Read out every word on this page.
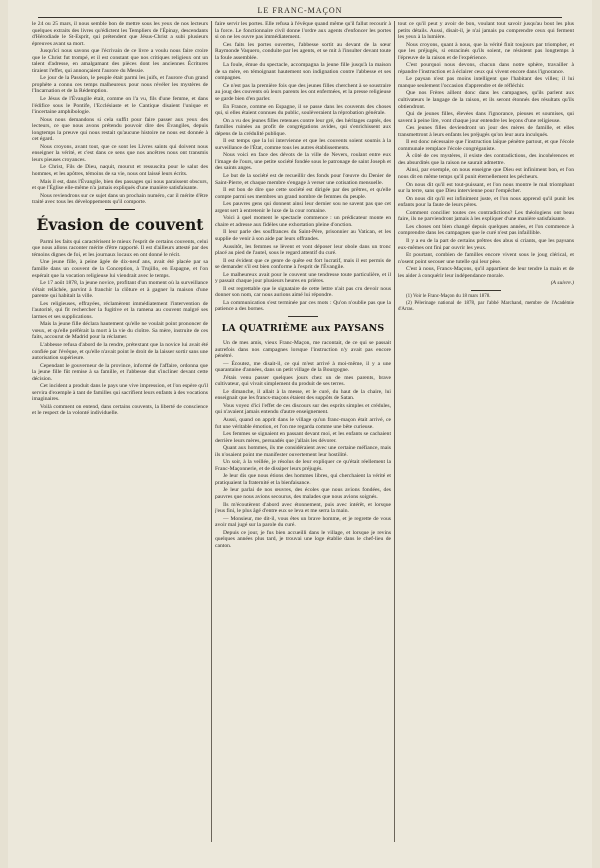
LE FRANC-MAÇON

le 24 ou 25 mars, il nous semble bon de mettre sous les yeux de nos lecteurs quelques extraits des livres qu'édictent les Templiers de l'Épinay, descendants d'Hérodiade le St-Esprit, qui prétendent que Jésus-Christ a subi plusieurs épreuves avant sa mort.

Jusqu'ici nous savons que l'écrivain de ce livre a voulu nous faire croire que le Christ fut trompé, et il est constant que nos critiques religieux ont un talent d'adresse, en amalgamant des pièces dont les anciennes Écritures tiraient l'effet, qui annonçaient l'aurore du Messie.

Le jour de la Passion, le peuple était parmi les juifs, et l'aurore d'un grand prophète a connu ces temps malheureux pour nous révéler les mystères de l'Incarnation et de la Rédemption.

Le Jésus de l'Évangile était, comme on l'a vu, fils d'une femme, et dans l'édifice sous le Pontife, l'Ecclésiaste et le Cantique disaient l'unique et l'incertaine amphibologie.

Nous nous demandons si cela suffit pour faire passer aux yeux des lecteurs, ce que nous avons prétendu pouvoir dire des Évangiles, depuis longtemps la preuve qui nous restait qu'aucune histoire ne nous est donnée à cet égard.

Nous croyons, avant tout, que ce sont les Livres saints qui doivent nous enseigner la vérité, et c'est dans ce sens que nos ancêtres nous ont transmis leurs pieuses croyances.

Le Christ, Fils de Dieu, naquit, mourut et ressuscita pour le salut des hommes, et les apôtres, témoins de sa vie, nous ont laissé leurs écrits.

Mais il est, dans l'Évangile, bien des passages qui nous paraissent obscurs, et que l'Église elle-même n'a jamais expliqués d'une manière satisfaisante.

Nous reviendrons sur ce sujet dans un prochain numéro, car il mérite d'être traité avec tous les développements qu'il comporte.

Évasion de couvent

Parmi les faits qui caractérisent le mieux l'esprit de certains couvents, celui que nous allons raconter mérite d'être rapporté. Il est d'ailleurs attesté par des témoins dignes de foi, et les journaux locaux en ont donné le récit.

Une jeune fille, à peine âgée de dix-neuf ans, avait été placée par sa famille dans un couvent de la Conception, à Trujillo, en Espagne, et l'on espérait que la vocation religieuse lui viendrait avec le temps.

Le 17 août 1878, la jeune novice, profitant d'un moment où la surveillance s'était relâchée, parvint à franchir la clôture et à gagner la maison d'une parente qui habitait la ville.

Les religieuses, effrayées, réclamèrent immédiatement l'intervention de l'autorité, qui fit rechercher la fugitive et la ramena au couvent malgré ses larmes et ses supplications.

Mais la jeune fille déclara hautement qu'elle ne voulait point prononcer de vœux, et qu'elle préférait la mort à la vie du cloître. Sa mère, instruite de ces faits, accourut de Madrid pour la réclamer.

L'abbesse refusa d'abord de la rendre, prétextant que la novice lui avait été confiée par l'évêque, et qu'elle n'avait point le droit de la laisser sortir sans une autorisation supérieure.

Cependant le gouverneur de la province, informé de l'affaire, ordonna que la jeune fille fût remise à sa famille, et l'abbesse dut s'incliner devant cette décision.

Cet incident a produit dans le pays une vive impression, et l'on espère qu'il servira d'exemple à tant de familles qui sacrifient leurs enfants à des vocations imaginaires.

Voilà comment on entend, dans certains couvents, la liberté de conscience et le respect de la volonté individuelle.

faire servir les portes. Elle refusa à l'évêque quand même qu'il fallut recourir à la force. Le fonctionnaire civil donne l'ordre aux agents d'enfoncer les portes si on ne les ouvre pas immédiatement.

Ces faits les portes ouvertes, l'abbesse sortit au devant de la sœur Raymonde Vaquero, conduite par les agents, et se mit à l'insulter devant toute la foule assemblée.

La foule, émue du spectacle, accompagna la jeune fille jusqu'à la maison de sa mère, en témoignant hautement son indignation contre l'abbesse et ses compagnes.

Ce n'est pas la première fois que des jeunes filles cherchent à se soustraire au joug des couvents où leurs parents les ont enfermées, et la presse religieuse se garde bien d'en parler.

En France, comme en Espagne, il se passe dans les couvents des choses qui, si elles étaient connues du public, soulèveraient la réprobation générale.

On a vu des jeunes filles retenues contre leur gré, des héritages captés, des familles ruinées au profit de congrégations avides, qui s'enrichissent aux dépens de la crédulité publique.

Il est temps que la loi intervienne et que les couvents soient soumis à la surveillance de l'État, comme tous les autres établissements.

Nous voici en face des dévots de la ville de Nevers, roulant entre eux l'image de l'ours, une petite société fondée sous le patronage de saint Joseph et des saints anges.

Le but de la société est de recueillir des fonds pour l'œuvre du Denier de Saint-Pierre, et chaque membre s'engage à verser une cotisation mensuelle.

Il est bon de dire que cette société est dirigée par des prêtres, et qu'elle compte parmi ses membres un grand nombre de femmes du peuple.

Les pauvres gens qui donnent ainsi leur dernier sou ne savent pas que cet argent sert à entretenir le luxe de la cour romaine.

Voici à quel moment le spectacle commence : un prédicateur monte en chaire et adresse aux fidèles une exhortation pleine d'onction.

Il leur parle des souffrances du Saint-Père, prisonnier au Vatican, et les supplie de venir à son aide par leurs offrandes.

Aussitôt, les femmes se lèvent et vont déposer leur obole dans un tronc placé au pied de l'autel, sous le regard attentif du curé.

Il est évident que ce genre de quête est fort lucratif, mais il est permis de se demander s'il est bien conforme à l'esprit de l'Évangile.

Le malheureux avait pour le couvent une tendresse toute particulière, et il y passait chaque jour plusieurs heures en prières.

Il est regrettable que le signataire de cette lettre n'ait pas cru devoir nous donner son nom, car nous aurions aimé lui répondre.

La communication s'est terminée par ces mots : Qu'on n'oublie pas que la patience a des bornes.

LA QUATRIÈME aux PAYSANS

Un de mes amis, vieux Franc-Maçon, me racontait, de ce qui se passait autrefois dans nos campagnes lorsque l'instruction n'y avait pas encore pénétré.

— Écoutez, me disait-il, ce qui m'est arrivé à moi-même, il y a une quarantaine d'années, dans un petit village de la Bourgogne.

J'étais venu passer quelques jours chez un de mes parents, brave cultivateur, qui vivait simplement du produit de ses terres.

Le dimanche, il allait à la messe, et le curé, du haut de la chaire, lui enseignait que les francs-maçons étaient des suppôts de Satan.

Vous voyez d'ici l'effet de ces discours sur des esprits simples et crédules, qui n'avaient jamais entendu d'autre enseignement.

Aussi, quand on apprit dans le village qu'un franc-maçon était arrivé, ce fut une véritable émotion, et l'on me regarda comme une bête curieuse.

Les femmes se signaient en passant devant moi, et les enfants se cachaient derrière leurs mères, persuadés que j'allais les dévorer.

Quant aux hommes, ils me considéraient avec une certaine méfiance, mais ils n'osaient point me manifester ouvertement leur hostilité.

Un soir, à la veillée, je résolus de leur expliquer ce qu'était réellement la Franc-Maçonnerie, et de dissiper leurs préjugés.

Je leur dis que nous étions des hommes libres, qui cherchaient la vérité et pratiquaient la fraternité et la bienfaisance.

Je leur parlai de nos œuvres, des écoles que nous avions fondées, des pauvres que nous avions secourus, des malades que nous avions soignés.

Ils m'écoutèrent d'abord avec étonnement, puis avec intérêt, et lorsque j'eus fini, le plus âgé d'entre eux se leva et me serra la main.

— Monsieur, me dit-il, vous êtes un brave homme, et je regrette de vous avoir mal jugé sur la parole du curé.

Depuis ce jour, je fus bien accueilli dans le village, et lorsque je revins quelques années plus tard, je trouvai une loge établie dans le chef-lieu de canton.

tout ce qu'il peut y avoir de bon, voulant tout savoir jusqu'au bout les plus petits détails. Aussi, disait-il, je n'ai jamais pu comprendre ceux qui ferment les yeux à la lumière.

Nous croyons, quant à nous, que la vérité finit toujours par triompher, et que les préjugés, si enracinés qu'ils soient, ne résistent pas longtemps à l'épreuve de la raison et de l'expérience.

C'est pourquoi nous devons, chacun dans notre sphère, travailler à répandre l'instruction et à éclairer ceux qui vivent encore dans l'ignorance.

Le paysan n'est pas moins intelligent que l'habitant des villes; il lui manque seulement l'occasion d'apprendre et de réfléchir.

Que nos Frères aillent donc dans les campagnes, qu'ils parlent aux cultivateurs le langage de la raison, et ils seront étonnés des résultats qu'ils obtiendront.

Qui de jeunes filles, élevées dans l'ignorance, pieuses et soumises, qui savent à peine lire, vont chaque jour entendre les leçons d'une religieuse.

Ces jeunes filles deviendront un jour des mères de famille, et elles transmettront à leurs enfants les préjugés qu'on leur aura inculqués.

Il est donc nécessaire que l'instruction laïque pénètre partout, et que l'école communale remplace l'école congréganiste.

À côté de ces mystères, il existe des contradictions, des incohérences et des absurdités que la raison ne saurait admettre.

Ainsi, par exemple, on nous enseigne que Dieu est infiniment bon, et l'on nous dit en même temps qu'il punit éternellement les pécheurs.

On nous dit qu'il est tout-puissant, et l'on nous montre le mal triomphant sur la terre, sans que Dieu intervienne pour l'empêcher.

On nous dit qu'il est infiniment juste, et l'on nous apprend qu'il punit les enfants pour la faute de leurs pères.

Comment concilier toutes ces contradictions? Les théologiens ont beau faire, ils ne parviendront jamais à les expliquer d'une manière satisfaisante.

Les choses ont bien changé depuis quelques années, et l'on commence à comprendre dans les campagnes que le curé n'est pas infaillible.

Il y a eu de la part de certains prêtres des abus si criants, que les paysans eux-mêmes ont fini par ouvrir les yeux.

Et pourtant, combien de familles encore vivent sous le joug clérical, et n'osent point secouer une tutelle qui leur pèse.

C'est à nous, Francs-Maçons, qu'il appartient de leur tendre la main et de les aider à conquérir leur indépendance morale.

(A suivre.)

(1) Voir le Franc-Maçon du 18 mars 1878.

(2) Pèlerinage national de 1878, par l'abbé Marchand, membre de l'Académie d'Arras.
